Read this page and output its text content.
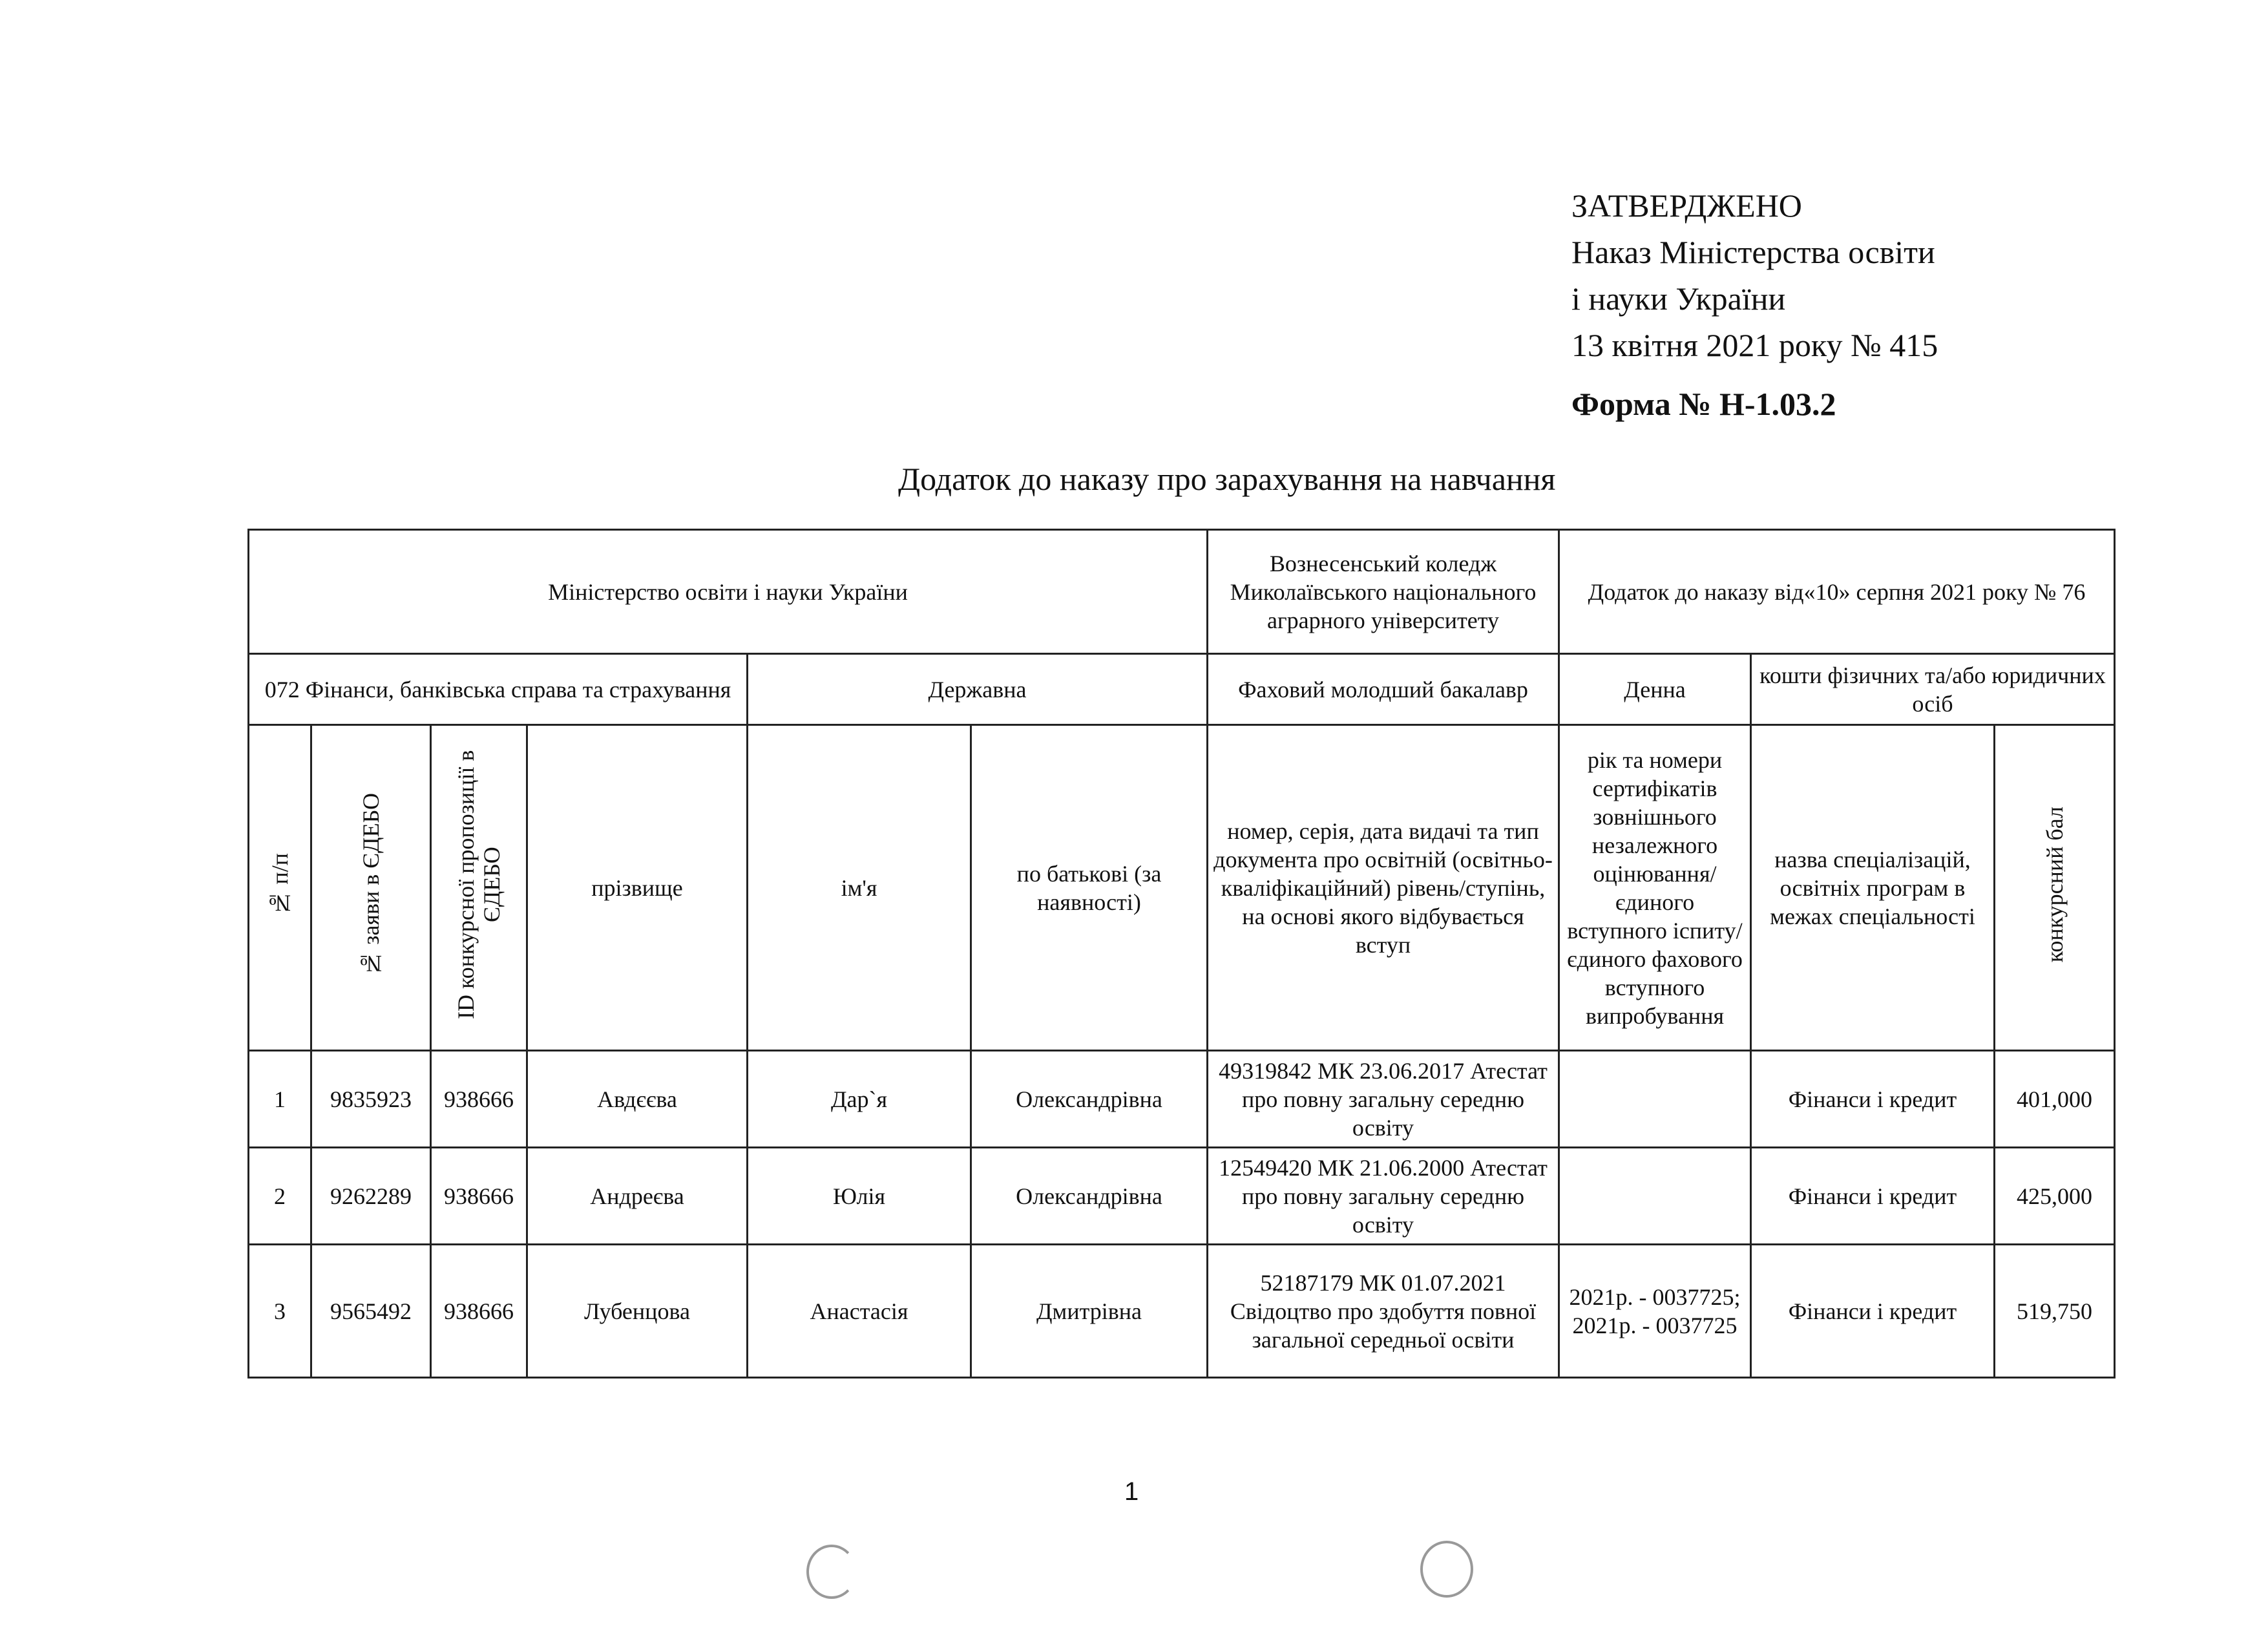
ЗАТВЕРДЖЕНО
Наказ Міністерства освіти
і науки України
13 квітня 2021 року № 415
Форма № Н-1.03.2
Додаток до наказу про зарахування на навчання
Міністерство освіти і науки України						Вознесенський коледж Миколаївського національного аграрного університету	Додаток до наказу від«10» серпня 2021 року № 76		
072 Фінанси, банківська справа та страхування				Державна		Фаховий молодший бакалавр	Денна	кошти фізичних та/або юридичних осіб	
№ п/п	№ заяви в ЄДЕБО	ID конкурсної пропозиції в ЄДЕБО	прізвище	ім'я	по батькові (за наявності)	номер, серія, дата видачі та тип документа про освітній (освітньо-кваліфікаційний) рівень/ступінь, на основі якого відбувається вступ	рік та номери сертифікатів зовнішнього незалежного оцінювання/ єдиного вступного іспиту/ єдиного фахового вступного випробування	назва спеціалізацій, освітніх програм в межах спеціальності	конкурсний бал
1	9835923	938666	Авдєєва	Дар`я	Олександрівна	49319842 МК 23.06.2017 Атестат про повну загальну середню освіту		Фінанси і кредит	401,000
2	9262289	938666	Андреєва	Юлія	Олександрівна	12549420 МК 21.06.2000 Атестат про повну загальну середню освіту		Фінанси і кредит	425,000
3	9565492	938666	Лубенцова	Анастасія	Дмитрівна	52187179 МК 01.07.2021 Свідоцтво про здобуття повної загальної середньої освіти	2021р. - 0037725; 2021р. - 0037725	Фінанси і кредит	519,750
1
